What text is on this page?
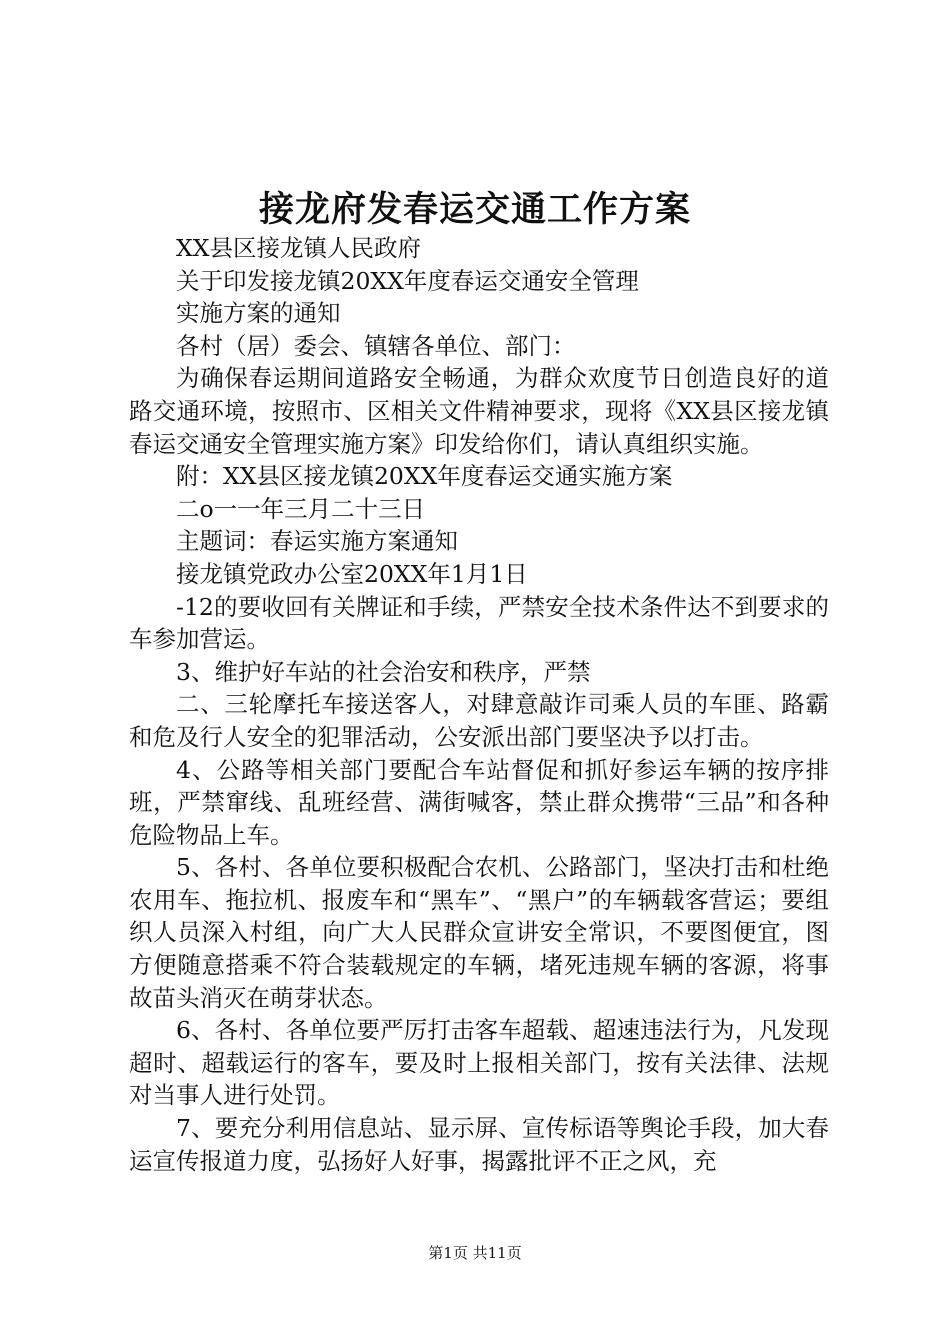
接龙府发春运交通工作方案

XX县区接龙镇人民政府

关于印发接龙镇20XX年度春运交通安全管理

实施方案的通知

各村（居）委会、镇辖各单位、部门：

为确保春运期间道路安全畅通，为群众欢度节日创造良好的道路交通环境，按照市、区相关文件精神要求，现将《XX县区接龙镇春运交通安全管理实施方案》印发给你们，请认真组织实施。

附：XX县区接龙镇20XX年度春运交通实施方案

二o一一年三月二十三日

主题词：春运实施方案通知

接龙镇党政办公室20XX年1月1日

-12的要收回有关牌证和手续，严禁安全技术条件达不到要求的车参加营运。

3、维护好车站的社会治安和秩序，严禁

二、三轮摩托车接送客人，对肆意敲诈司乘人员的车匪、路霸和危及行人安全的犯罪活动，公安派出部门要坚决予以打击。

4、公路等相关部门要配合车站督促和抓好参运车辆的按序排班，严禁窜线、乱班经营、满街喊客，禁止群众携带“三品”和各种危险物品上车。

5、各村、各单位要积极配合农机、公路部门，坚决打击和杜绝农用车、拖拉机、报废车和“黑车”、“黑户”的车辆载客营运；要组织人员深入村组，向广大人民群众宣讲安全常识，不要图便宜，图方便随意搭乘不符合装载规定的车辆，堵死违规车辆的客源，将事故苗头消灭在萌芽状态。

6、各村、各单位要严厉打击客车超载、超速违法行为，凡发现超时、超载运行的客车，要及时上报相关部门，按有关法律、法规对当事人进行处罚。

7、要充分利用信息站、显示屏、宣传标语等舆论手段，加大春运宣传报道力度，弘扬好人好事，揭露批评不正之风，充

第1页 共11页
